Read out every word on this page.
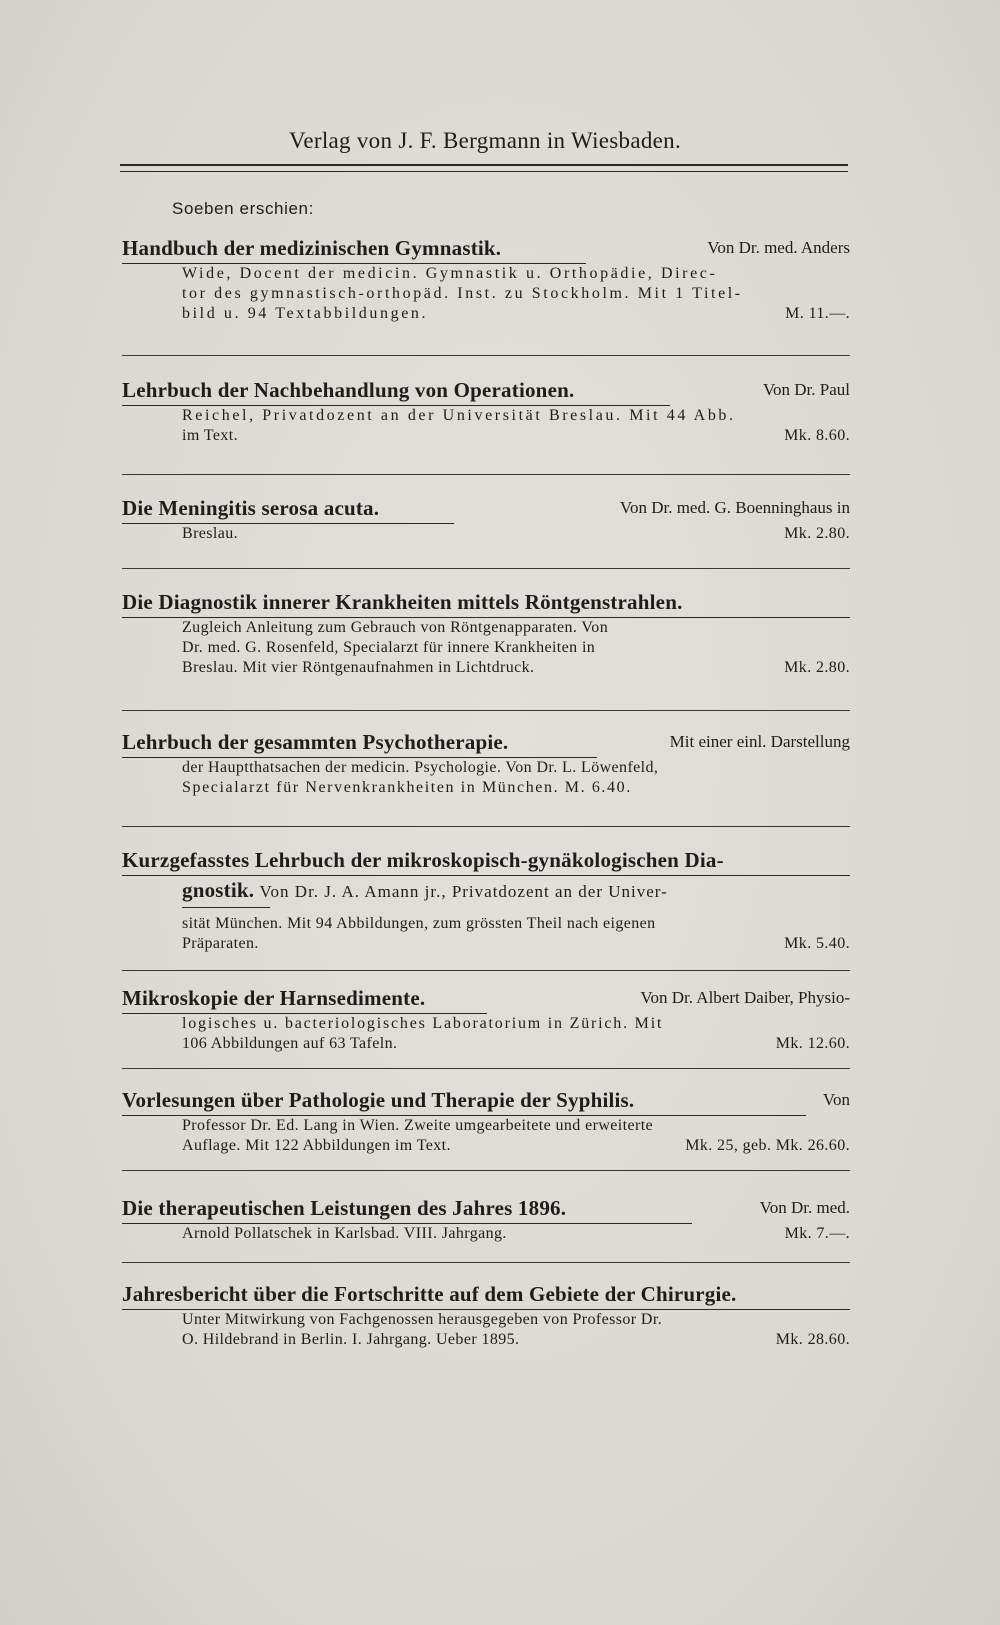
Verlag von J. F. Bergmann in Wiesbaden.
Soeben erschien:
Handbuch der medizinischen Gymnastik.	Von Dr. med. Anders
Wide, Docent der medicin. Gymnastik u. Orthopädie, Direc-
tor des gymnastisch-orthopäd. Inst. zu Stockholm. Mit 1 Titel-
bild u. 94 Textabbildungen.	M. 11.—.
Lehrbuch der Nachbehandlung von Operationen.	Von Dr. Paul
Reichel, Privatdozent an der Universität Breslau. Mit 44 Abb.
im Text.	Mk. 8.60.
Die Meningitis serosa acuta.	Von Dr. med. G. Boenninghaus in
Breslau.	Mk. 2.80.
Die Diagnostik innerer Krankheiten mittels Röntgenstrahlen.
Zugleich Anleitung zum Gebrauch von Röntgenapparaten. Von
Dr. med. G. Rosenfeld, Specialarzt für innere Krankheiten in
Breslau. Mit vier Röntgenaufnahmen in Lichtdruck.	Mk. 2.80.
Lehrbuch der gesammten Psychotherapie.	Mit einer einl. Darstellung
der Hauptthatsachen der medicin. Psychologie. Von Dr. L. Löwenfeld,
Specialarzt für Nervenkrankheiten in München. M. 6.40.
Kurzgefasstes Lehrbuch der mikroskopisch-gynäkologischen Dia-
gnostik. Von Dr. J. A. Amann jr., Privatdozent an der Univer-
sität München. Mit 94 Abbildungen, zum grössten Theil nach eigenen
Präparaten.	Mk. 5.40.
Mikroskopie der Harnsedimente.	Von Dr. Albert Daiber, Physio-
logisches u. bacteriologisches Laboratorium in Zürich. Mit
106 Abbildungen auf 63 Tafeln.	Mk. 12.60.
Vorlesungen über Pathologie und Therapie der Syphilis.	Von
Professor Dr. Ed. Lang in Wien. Zweite umgearbeitete und erweiterte
Auflage. Mit 122 Abbildungen im Text.	Mk. 25, geb. Mk. 26.60.
Die therapeutischen Leistungen des Jahres 1896.	Von Dr. med.
Arnold Pollatschek in Karlsbad. VIII. Jahrgang.	Mk. 7.—.
Jahresbericht über die Fortschritte auf dem Gebiete der Chirurgie.
Unter Mitwirkung von Fachgenossen herausgegeben von Professor Dr.
O. Hildebrand in Berlin. I. Jahrgang. Ueber 1895.	Mk. 28.60.
